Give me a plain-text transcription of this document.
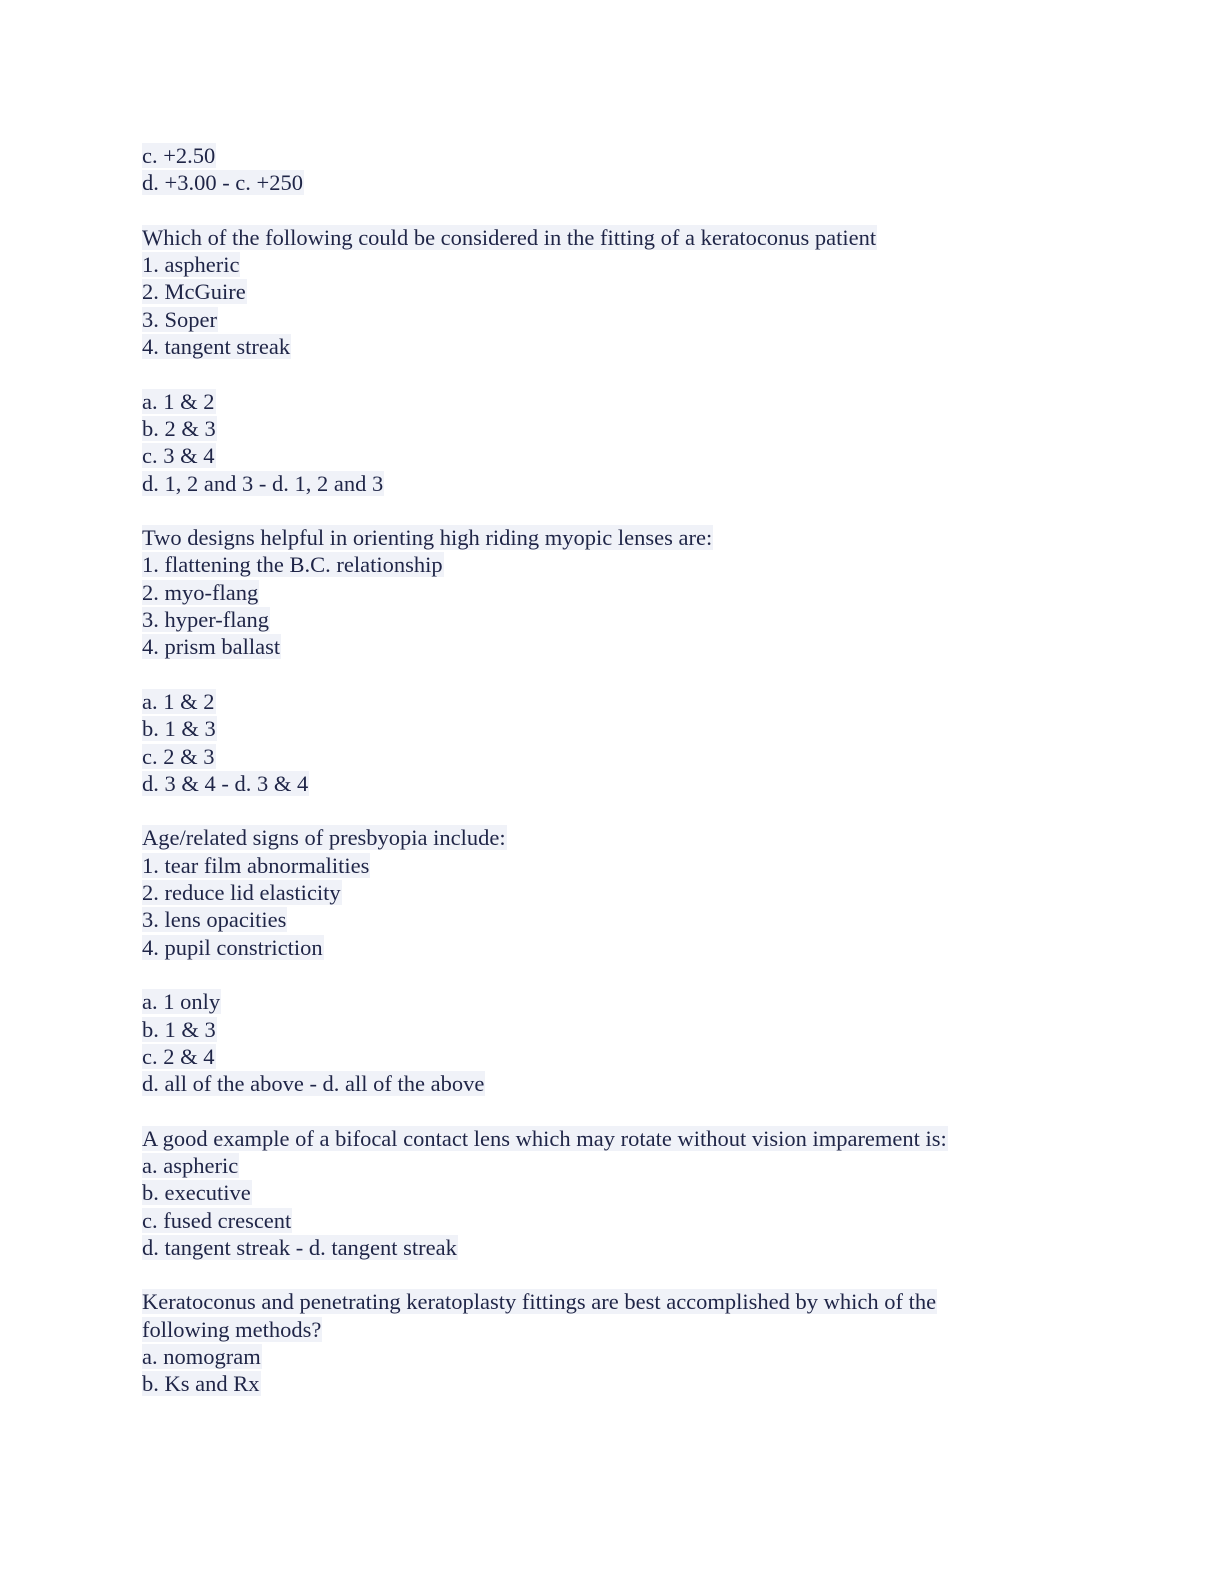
c. +2.50
d. +3.00 - c. +250
Which of the following could be considered in the fitting of a keratoconus patient
1. aspheric
2. McGuire
3. Soper
4. tangent streak
a. 1 & 2
b. 2 & 3
c. 3 & 4
d. 1, 2 and 3 - d. 1, 2 and 3
Two designs helpful in orienting high riding myopic lenses are:
1. flattening the B.C. relationship
2. myo-flang
3. hyper-flang
4. prism ballast
a. 1 & 2
b. 1 & 3
c. 2 & 3
d. 3 & 4 - d. 3 & 4
Age/related signs of presbyopia include:
1. tear film abnormalities
2. reduce lid elasticity
3. lens opacities
4. pupil constriction
a. 1 only
b. 1 & 3
c. 2 & 4
d. all of the above - d. all of the above
A good example of a bifocal contact lens which may rotate without vision imparement is:
a. aspheric
b. executive
c. fused crescent
d. tangent streak - d. tangent streak
Keratoconus and penetrating keratoplasty fittings are best accomplished by which of the
following methods?
a. nomogram
b. Ks and Rx
